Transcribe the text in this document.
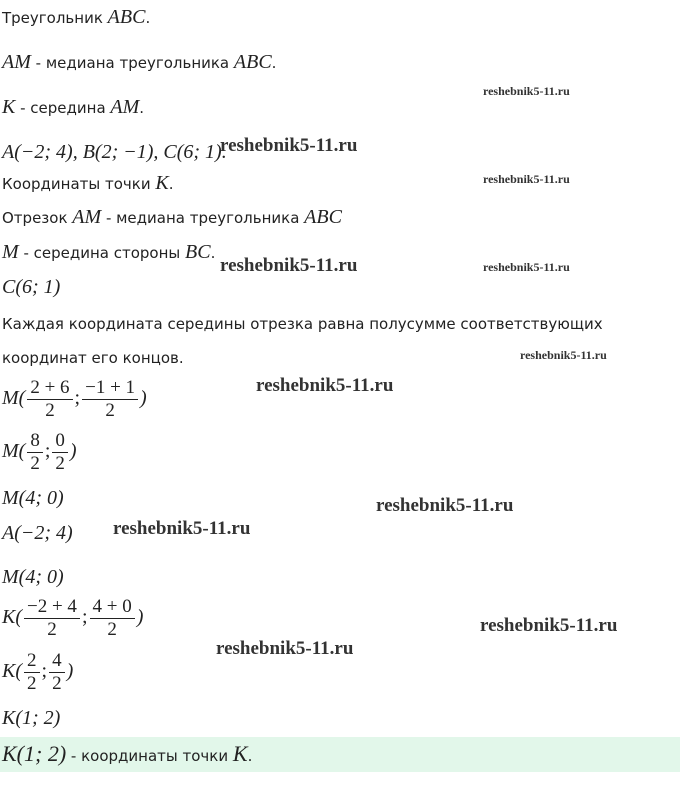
Треугольник ABC.
AM - медиана треугольника ABC.
K - середина AM.
A(−2; 4), B(2; −1), C(6; 1).
Координаты точки K.
Отрезок AM - медиана треугольника ABC
M - середина стороны BC.
C(6; 1)
Каждая координата середины отрезка равна полусумме соответствующих
координат его концов.
$M( \frac{2 + 6}{2}$ ; $\frac{-1 + 1}{2}$ )
$M( \frac{8}{2}$ ; $\frac{0}{2}$ )
M(4; 0)
A(−2; 4)
M(4; 0)
$K( \frac{-2 + 4}{2}$ ; $\frac{4 + 0}{2}$ )
$K( \frac{2}{2}$ ; $\frac{4}{2}$ )
K(1; 2)
K(1; 2) - координаты точки K.
reshebnik5-11.ru
reshebnik5-11.ru
reshebnik5-11.ru
reshebnik5-11.ru	reshebnik5-11.ru
reshebnik5-11.ru
reshebnik5-11.ru
reshebnik5-11.ru
reshebnik5-11.ru
reshebnik5-11.ru
reshebnik5-11.ru
